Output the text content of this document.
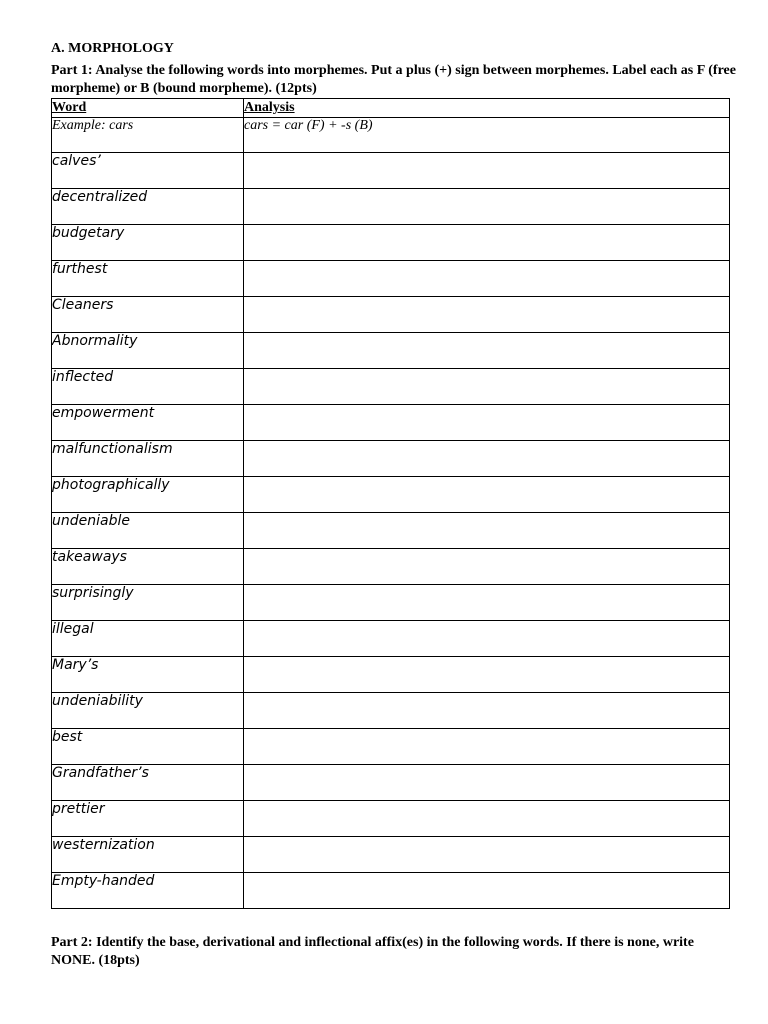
A. MORPHOLOGY
Part 1: Analyse the following words into morphemes. Put a plus (+) sign between morphemes. Label each as F (free morpheme) or B (bound morpheme). (12pts)
Word	Analysis
Example: cars	cars = car (F) + -s (B)
calves’	
decentralized	
budgetary	
furthest	
Cleaners	
Abnormality	
inflected	
empowerment	
malfunctionalism	
photographically	
undeniable	
takeaways	
surprisingly	
illegal	
Mary’s	
undeniability	
best	
Grandfather’s	
prettier	
westernization	
Empty-handed	
Part 2: Identify the base, derivational and inflectional affix(es) in the following words. If there is none, write NONE. (18pts)
